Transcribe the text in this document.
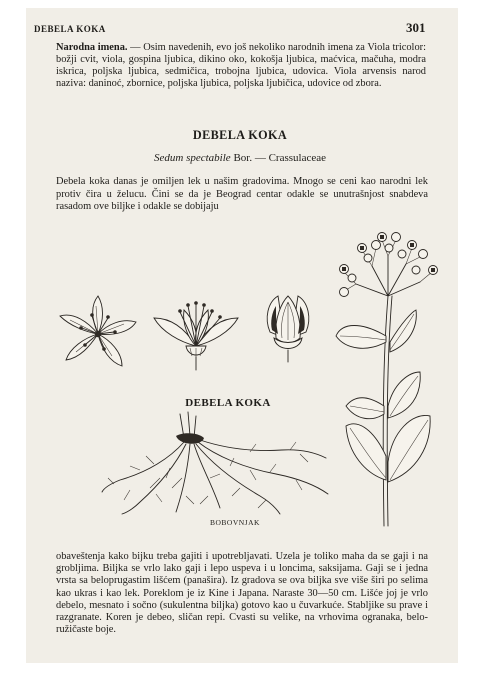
DEBELA KOKA	301
Narodna imena. — Osim navedenih, evo još nekoliko narodnih imena za Viola tricolor: božji cvit, viola, gospina ljubica, dikino oko, kokošja ljubica, maćvica, mačuha, modra iskrica, poljska ljubica, sedmičica, trobojna ljubica, udovica. Viola arvensis narod naziva: daninoć, zbornice, poljska ljubica, poljska ljubičica, udovice od zbora.
DEBELA KOKA
Sedum spectabile Bor. — Crassulaceae
Debela koka danas je omiljen lek u našim gradovima. Mnogo se ceni kao narodni lek protiv čira u želucu. Čini se da je Beograd centar odakle se unutrašnjost snabdeva rasadom ove biljke i odakle se dobijaju
DEBELA KOKA
BOBOVNJAK
obaveštenja kako bijku treba gajiti i upotrebljavati. Uzela je toliko maha da se gaji i na grobljima. Biljka se vrlo lako gaji i lepo uspeva i u loncima, saksijama. Gaji se i jedna vrsta sa beloprugastim lišćem (panašira). Iz gradova se ova biljka sve više širi po selima kao ukras i kao lek. Poreklom je iz Kine i Japana. Naraste 30—50 cm. Lišće joj je vrlo debelo, mesnato i sočno (sukulentna biljka) gotovo kao u čuvarkuće. Stabljike su prave i razgranate. Koren je debeo, sličan repi. Cvasti su velike, na vrhovima ogranaka, belo-ružičaste boje.
